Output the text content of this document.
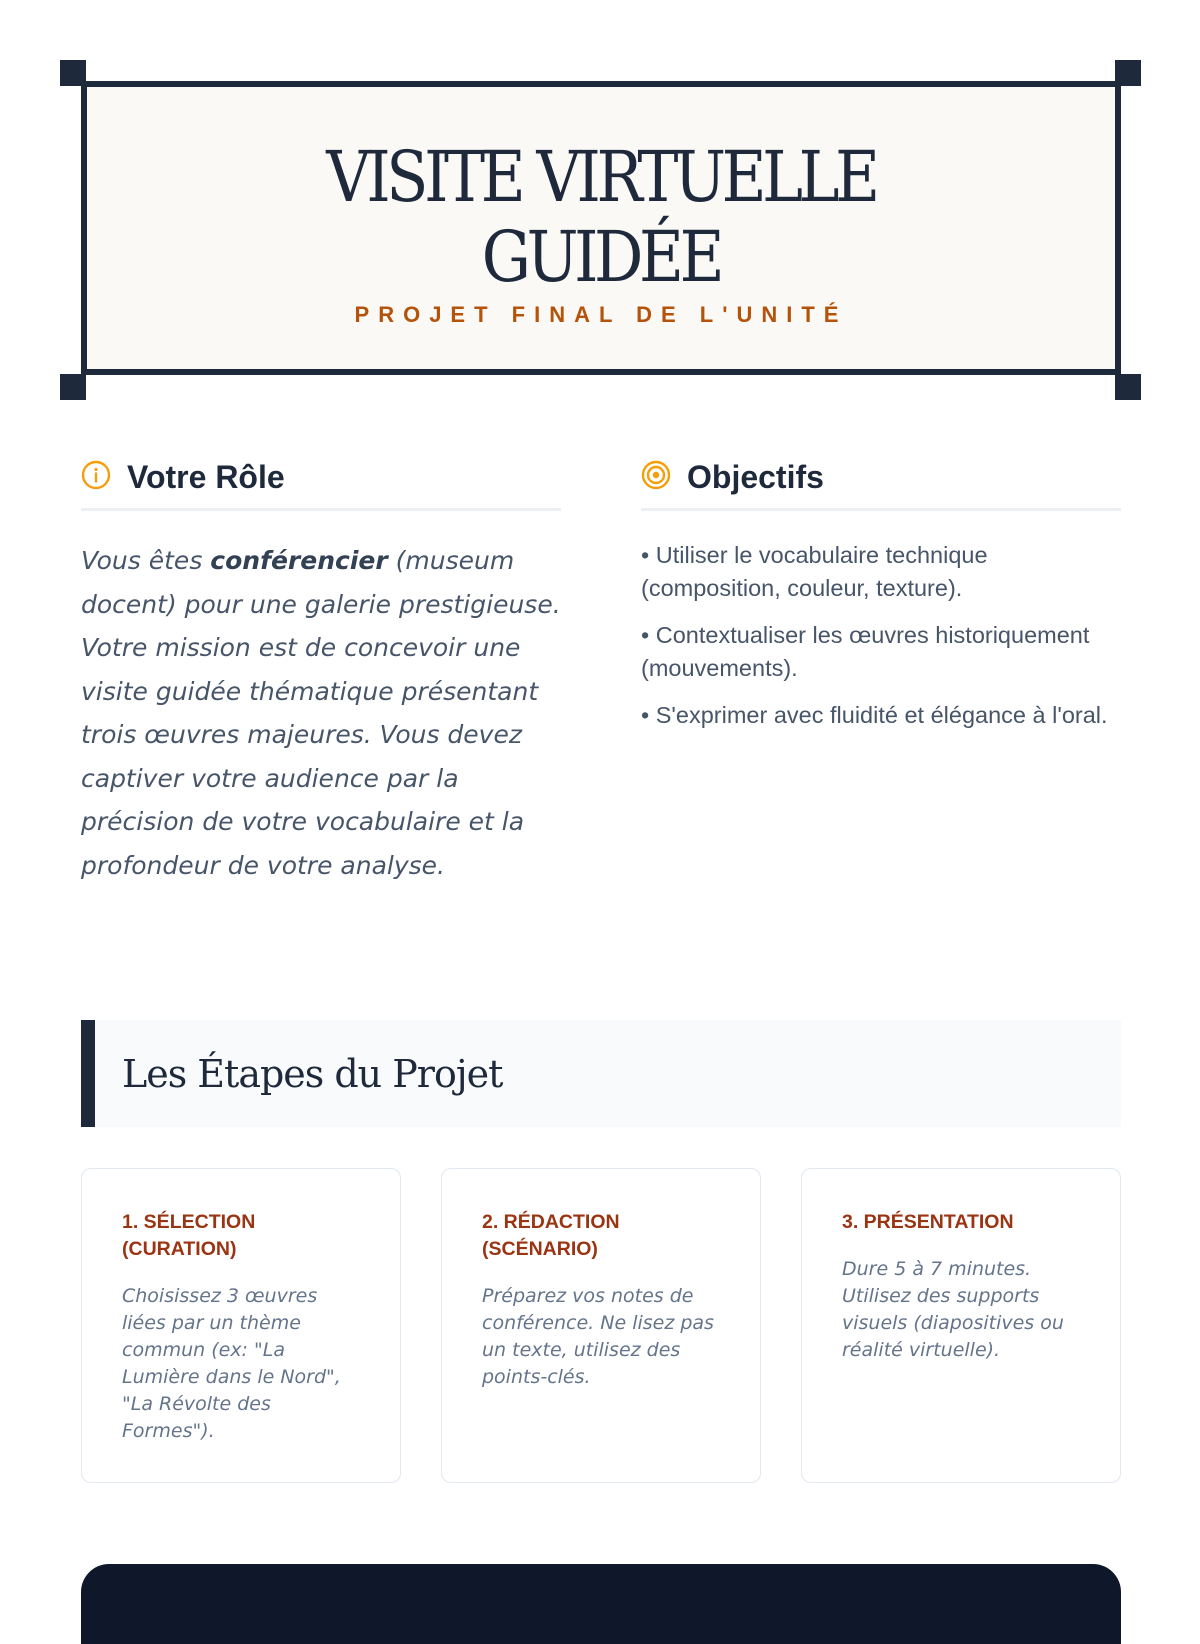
VISITE VIRTUELLE
GUIDÉE

PROJET FINAL DE L'UNITÉ

Votre Rôle

Vous êtes conférencier (museum docent) pour une galerie prestigieuse. Votre mission est de concevoir une visite guidée thématique présentant trois œuvres majeures. Vous devez captiver votre audience par la précision de votre vocabulaire et la profondeur de votre analyse.

Objectifs
• Utiliser le vocabulaire technique (composition, couleur, texture).
• Contextualiser les œuvres historiquement (mouvements).
• S'exprimer avec fluidité et élégance à l'oral.
Les Étapes du Projet
1. SÉLECTION (CURATION)

Choisissez 3 œuvres liées par un thème commun (ex: "La Lumière dans le Nord", "La Révolte des Formes").

2. RÉDACTION (SCÉNARIO)

Préparez vos notes de conférence. Ne lisez pas un texte, utilisez des points-clés.

3. PRÉSENTATION

Dure 5 à 7 minutes. Utilisez des supports visuels (diapositives ou réalité virtuelle).
